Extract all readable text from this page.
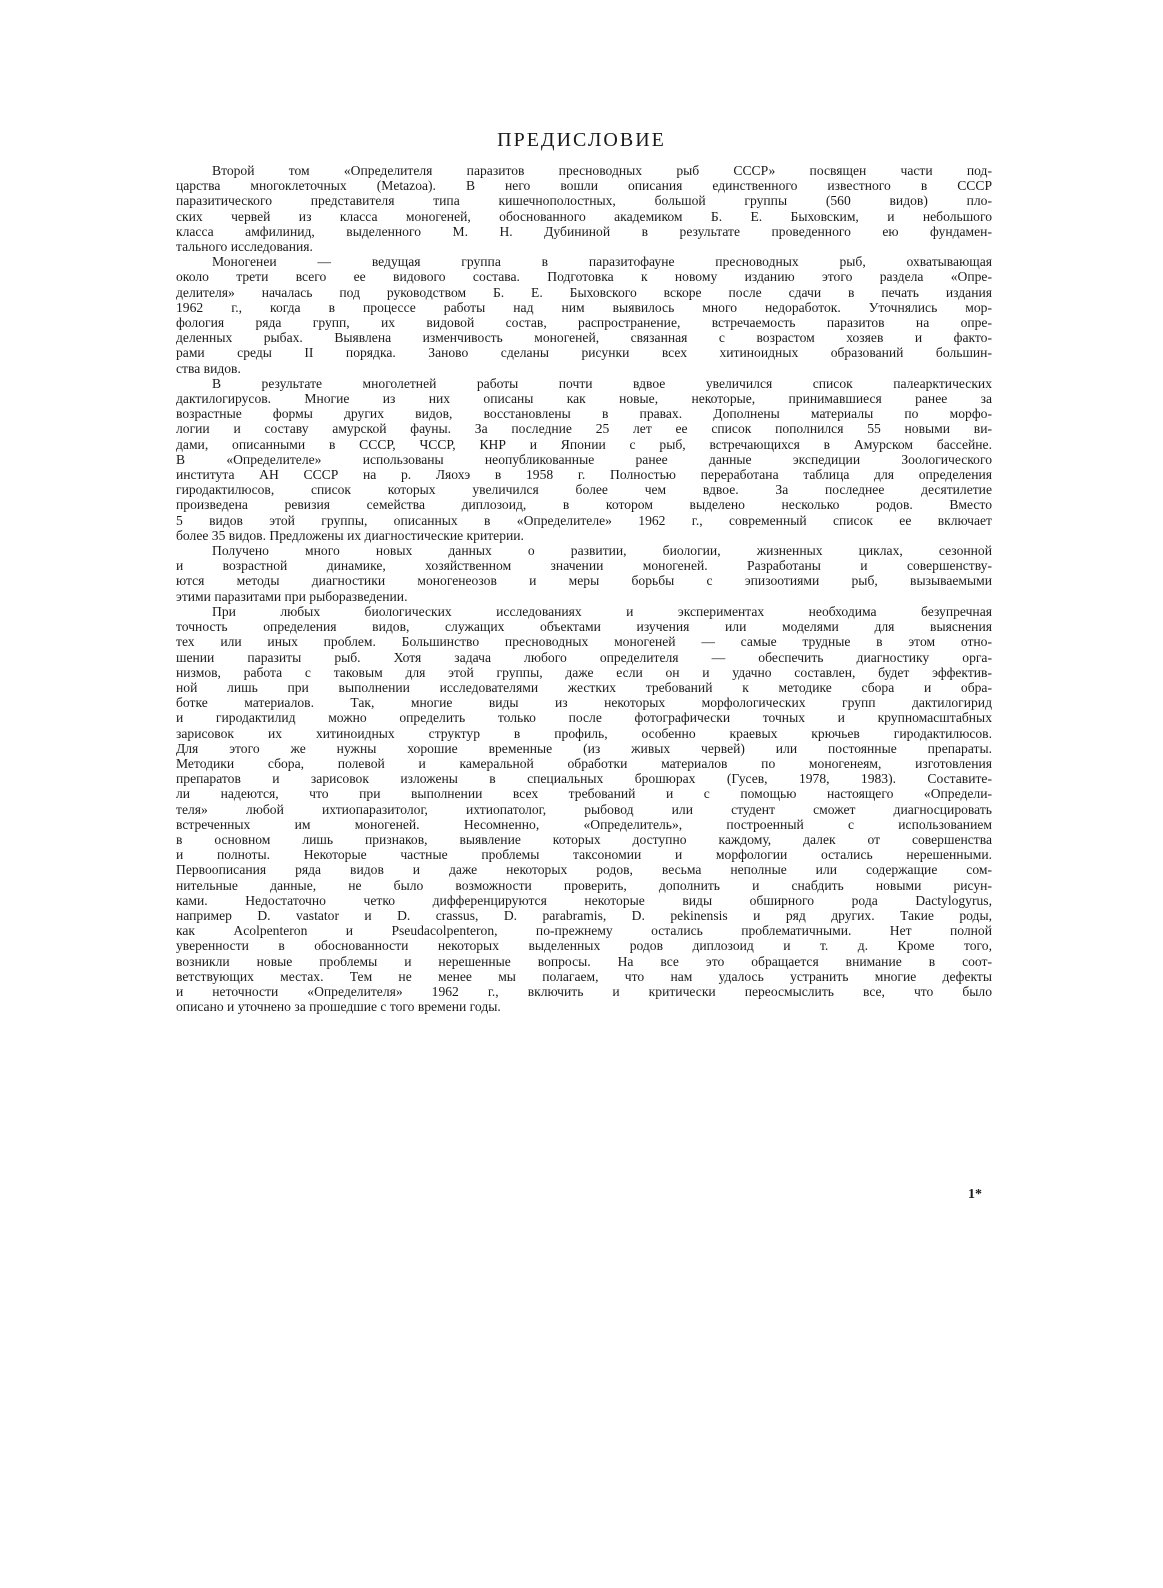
ПРЕДИСЛОВИЕ

Второй том «Определителя паразитов пресноводных рыб СССР» посвящен части под-
царства многоклеточных (Metazoa). В него вошли описания единственного известного в СССР
паразитического представителя типа кишечнополостных, большой группы (560 видов) пло-
ских червей из класса моногеней, обоснованного академиком Б. Е. Быховским, и небольшого
класса амфилинид, выделенного М. Н. Дубининой в результате проведенного ею фундамен-
тального исследования.

Моногенеи — ведущая группа в паразитофауне пресноводных рыб, охватывающая
около трети всего ее видового состава. Подготовка к новому изданию этого раздела «Опре-
делителя» началась под руководством Б. Е. Быховского вскоре после сдачи в печать издания
1962 г., когда в процессе работы над ним выявилось много недоработок. Уточнялись мор-
фология ряда групп, их видовой состав, распространение, встречаемость паразитов на опре-
деленных рыбах. Выявлена изменчивость моногеней, связанная с возрастом хозяев и факто-
рами среды II порядка. Заново сделаны рисунки всех хитиноидных образований большин-
ства видов.

В результате многолетней работы почти вдвое увеличился список палеарктических
дактилогирусов. Многие из них описаны как новые, некоторые, принимавшиеся ранее за
возрастные формы других видов, восстановлены в правах. Дополнены материалы по морфо-
логии и составу амурской фауны. За последние 25 лет ее список пополнился 55 новыми ви-
дами, описанными в СССР, ЧССР, КНР и Японии с рыб, встречающихся в Амурском бассейне.
В «Определителе» использованы неопубликованные ранее данные экспедиции Зоологического
института АН СССР на р. Ляохэ в 1958 г. Полностью переработана таблица для определения
гиродактилюсов, список которых увеличился более чем вдвое. За последнее десятилетие
произведена ревизия семейства диплозоид, в котором выделено несколько родов. Вместо
5 видов этой группы, описанных в «Определителе» 1962 г., современный список ее включает
более 35 видов. Предложены их диагностические критерии.

Получено много новых данных о развитии, биологии, жизненных циклах, сезонной
и возрастной динамике, хозяйственном значении моногеней. Разработаны и совершенству-
ются методы диагностики моногенеозов и меры борьбы с эпизоотиями рыб, вызываемыми
этими паразитами при рыборазведении.

При любых биологических исследованиях и экспериментах необходима безупречная
точность определения видов, служащих объектами изучения или моделями для выяснения
тех или иных проблем. Большинство пресноводных моногеней — самые трудные в этом отно-
шении паразиты рыб. Хотя задача любого определителя — обеспечить диагностику орга-
низмов, работа с таковым для этой группы, даже если он и удачно составлен, будет эффектив-
ной лишь при выполнении исследователями жестких требований к методике сбора и обра-
ботке материалов. Так, многие виды из некоторых морфологических групп дактилогирид
и гиродактилид можно определить только после фотографически точных и крупномасштабных
зарисовок их хитиноидных структур в профиль, особенно краевых крючьев гиродактилюсов.
Для этого же нужны хорошие временные (из живых червей) или постоянные препараты.
Методики сбора, полевой и камеральной обработки материалов по моногенеям, изготовления
препаратов и зарисовок изложены в специальных брошюрах (Гусев, 1978, 1983). Составите-
ли надеются, что при выполнении всех требований и с помощью настоящего «Определи-
теля» любой ихтиопаразитолог, ихтиопатолог, рыбовод или студент сможет диагносцировать
встреченных им моногеней. Несомненно, «Определитель», построенный с использованием
в основном лишь признаков, выявление которых доступно каждому, далек от совершенства
и полноты. Некоторые частные проблемы таксономии и морфологии остались нерешенными.
Первоописания ряда видов и даже некоторых родов, весьма неполные или содержащие сом-
нительные данные, не было возможности проверить, дополнить и снабдить новыми рисун-
ками. Недостаточно четко дифференцируются некоторые виды обширного рода Dactylogyrus,
например D. vastator и D. crassus, D. parabramis, D. pekinensis и ряд других. Такие роды,
как Acolpenteron и Pseudacolpenteron, по-прежнему остались проблематичными. Нет полной
уверенности в обоснованности некоторых выделенных родов диплозоид и т. д. Кроме того,
возникли новые проблемы и нерешенные вопросы. На все это обращается внимание в соот-
ветствующих местах. Тем не менее мы полагаем, что нам удалось устранить многие дефекты
и неточности «Определителя» 1962 г., включить и критически переосмыслить все, что было
описано и уточнено за прошедшие с того времени годы.

1*
